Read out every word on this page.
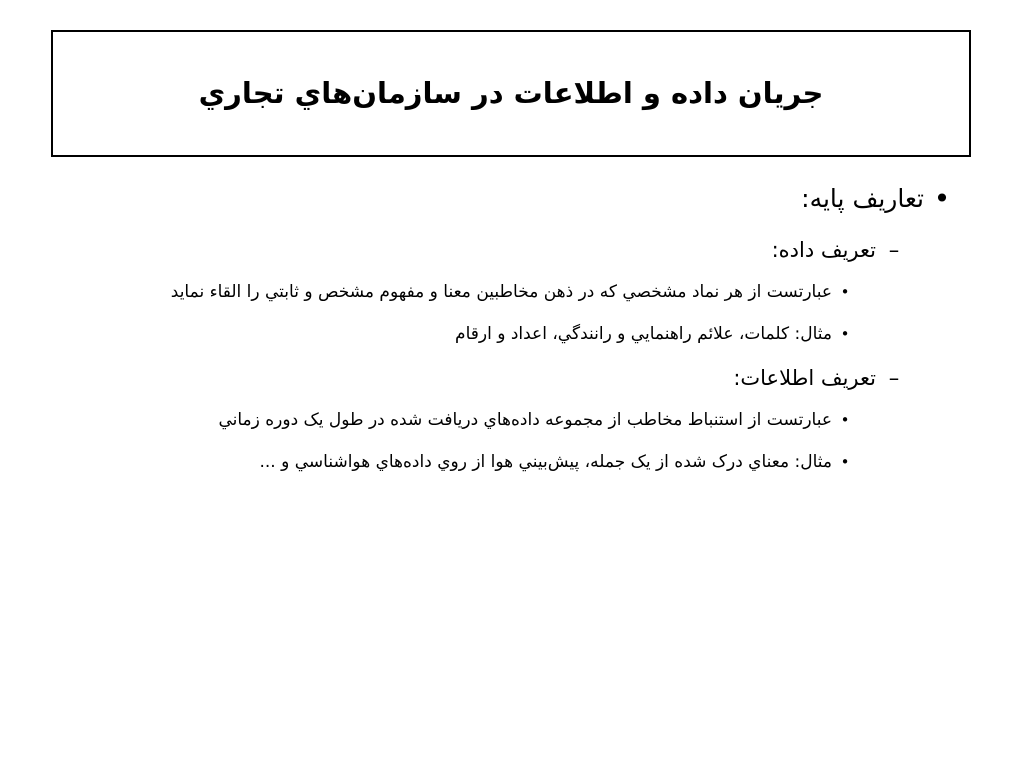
جريان داده و اطلاعات در سازمان‌هاي تجاري
•
تعاريف پايه:
–
تعريف داده:
•
عبارتست از هر نماد مشخصي كه در ذهن مخاطبين معنا و مفهوم مشخص و ثابتي را القاء نمايد
•
مثال: كلمات، علائم راهنمايي و رانندگي، اعداد و ارقام
–
تعريف اطلاعات:
•
عبارتست از استنباط مخاطب از مجموعه داده‌هاي دريافت شده در طول يک دوره زماني
•
مثال: معناي درک شده از يک جمله، پيش‌بيني هوا از روي داده‌هاي هواشناسي و ...
